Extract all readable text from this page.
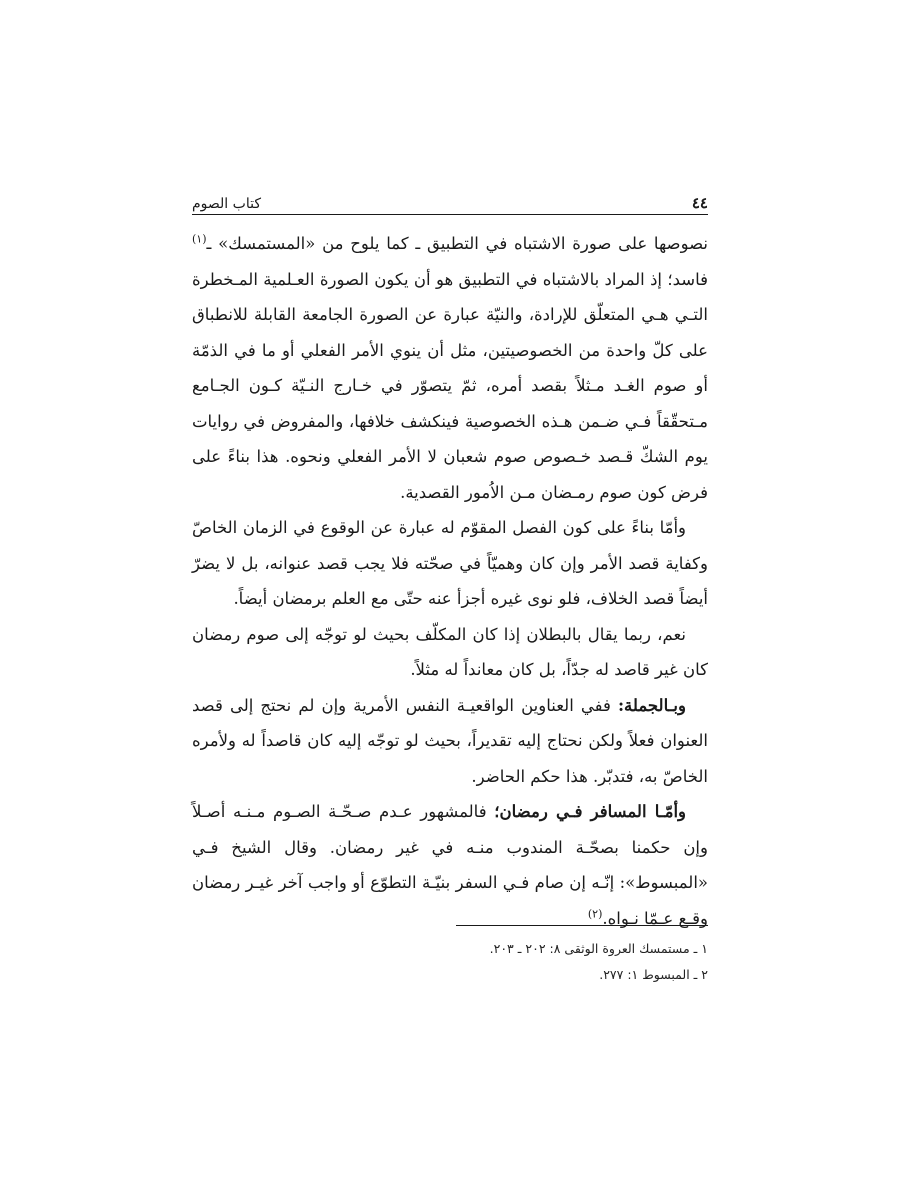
٤٤
كتاب الصوم

نصوصها على صورة الاشتباه في التطبيق ـ كما يلوح من «المستمسك» ـ$^{(١)}$ فاسد؛ إذ المراد بالاشتباه في التطبيق هو أن يكون الصورة العـلمية المـخطرة التـي هـي المتعلّق للإرادة، والنيّة عبارة عن الصورة الجامعة القابلة للانطباق على كلّ واحدة من الخصوصيتين، مثل أن ينوي الأمر الفعلي أو ما في الذمّة أو صوم الغـد مـثلاً بقصد أمره، ثمّ يتصوّر في خـارج النـيّة كـون الجـامع مـتحقّقاً فـي ضـمن هـذه الخصوصية فينكشف خلافها، والمفروض في روايات يوم الشكّ قـصد خـصوص صوم شعبان لا الأمر الفعلي ونحوه. هذا بناءً على فرض كون صوم رمـضان مـن الاُمور القصدية.

وأمّا بناءً على كون الفصل المقوّم له عبارة عن الوقوع في الزمان الخاصّ وكفاية قصد الأمر وإن كان وهميّاً في صحّته فلا يجب قصد عنوانه، بل لا يضرّ أيضاً قصد الخلاف، فلو نوى غيره أجزأ عنه حتّى مع العلم برمضان أيضاً.

نعم، ربما يقال بالبطلان إذا كان المكلّف بحيث لو توجّه إلى صوم رمضان كان غير قاصد له جدّاً، بل كان معانداً له مثلاً.

وبـالجملة: ففي العناوين الواقعيـة النفس الأمرية وإن لم نحتج إلى قصد العنوان فعلاً ولكن نحتاج إليه تقديراً، بحيث لو توجّه إليه كان قاصداً له ولأمره الخاصّ به، فتدبّر. هذا حكم الحاضر.

وأمّـا المسافر فـي رمضان؛ فالمشهور عـدم صـحّـة الصـوم مـنـه أصـلاً وإن حكمنا بصحّـة المندوب منـه في غير رمضان. وقال الشيخ فـي «المبسوط»: إنّـه إن صام فـي السفر بنيّـة التطوّع أو واجب آخر غيـر رمضان وقـع عـمّا نـواه.$^{(٢)}$

١ ـ مستمسك العروة الوثقى ٨: ٢٠٢ ـ ٢٠٣.
٢ ـ المبسوط ١: ٢٧٧.
